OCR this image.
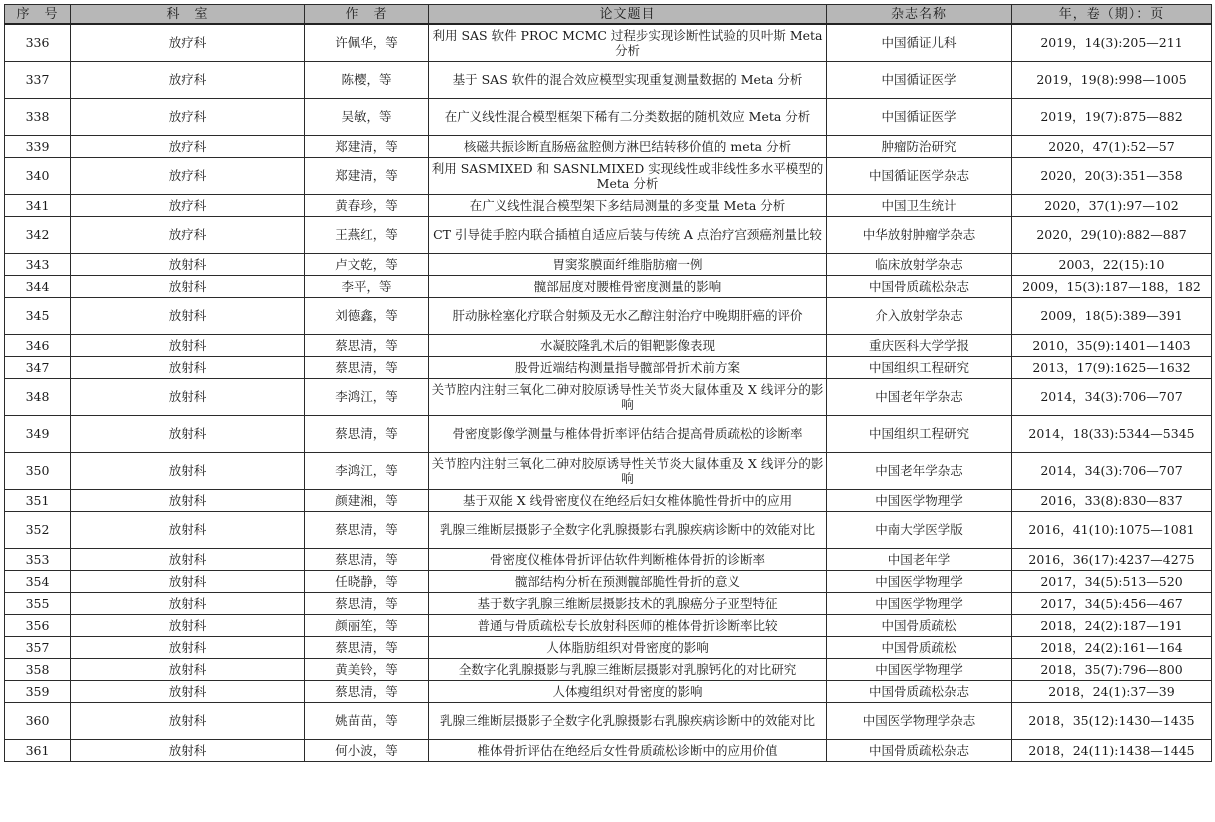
序　号	科　室	作　者	论文题目	杂志名称	年，卷（期）：页
336	放疗科	许佩华，等	利用 SAS 软件 PROC MCMC 过程步实现诊断性试验的贝叶斯 Meta 分析	中国循证儿科	2019，14(3):205—211
337	放疗科	陈樱，等	基于 SAS 软件的混合效应模型实现重复测量数据的 Meta 分析	中国循证医学	2019，19(8):998—1005
338	放疗科	吴敏，等	在广义线性混合模型框架下稀有二分类数据的随机效应 Meta 分析	中国循证医学	2019，19(7):875—882
339	放疗科	郑建清，等	核磁共振诊断直肠癌盆腔侧方淋巴结转移价值的 meta 分析	肿瘤防治研究	2020，47(1):52—57
340	放疗科	郑建清，等	利用 SASMIXED 和 SASNLMIXED 实现线性或非线性多水平模型的 Meta 分析	中国循证医学杂志	2020，20(3):351—358
341	放疗科	黄春珍，等	在广义线性混合模型架下多结局测量的多变量 Meta 分析	中国卫生统计	2020，37(1):97—102
342	放疗科	王燕红，等	CT 引导徒手腔内联合插植自适应后装与传统 A 点治疗宫颈癌剂量比较	中华放射肿瘤学杂志	2020，29(10):882—887
343	放射科	卢文乾，等	胃窦浆膜面纤维脂肪瘤一例	临床放射学杂志	2003，22(15):10
344	放射科	李平，等	髋部屈度对腰椎骨密度测量的影响	中国骨质疏松杂志	2009，15(3):187—188，182
345	放射科	刘德鑫，等	肝动脉栓塞化疗联合射频及无水乙醇注射治疗中晚期肝癌的评价	介入放射学杂志	2009，18(5):389—391
346	放射科	蔡思清，等	水凝胶隆乳术后的钼靶影像表现	重庆医科大学学报	2010，35(9):1401—1403
347	放射科	蔡思清，等	股骨近端结构测量指导髋部骨折术前方案	中国组织工程研究	2013，17(9):1625—1632
348	放射科	李鸿江，等	关节腔内注射三氧化二砷对胶原诱导性关节炎大鼠体重及 X 线评分的影响	中国老年学杂志	2014，34(3):706—707
349	放射科	蔡思清，等	骨密度影像学测量与椎体骨折率评估结合提高骨质疏松的诊断率	中国组织工程研究	2014，18(33):5344—5345
350	放射科	李鸿江，等	关节腔内注射三氧化二砷对胶原诱导性关节炎大鼠体重及 X 线评分的影响	中国老年学杂志	2014，34(3):706—707
351	放射科	颜建湘，等	基于双能 X 线骨密度仪在绝经后妇女椎体脆性骨折中的应用	中国医学物理学	2016，33(8):830—837
352	放射科	蔡思清，等	乳腺三维断层摄影子全数字化乳腺摄影右乳腺疾病诊断中的效能对比	中南大学医学版	2016，41(10):1075—1081
353	放射科	蔡思清，等	骨密度仪椎体骨折评估软件判断椎体骨折的诊断率	中国老年学	2016，36(17):4237—4275
354	放射科	任晓静，等	髋部结构分析在预测髋部脆性骨折的意义	中国医学物理学	2017，34(5):513—520
355	放射科	蔡思清，等	基于数字乳腺三维断层摄影技术的乳腺癌分子亚型特征	中国医学物理学	2017，34(5):456—467
356	放射科	颜丽笙，等	普通与骨质疏松专长放射科医师的椎体骨折诊断率比较	中国骨质疏松	2018，24(2):187—191
357	放射科	蔡思清，等	人体脂肪组织对骨密度的影响	中国骨质疏松	2018，24(2):161—164
358	放射科	黄美铃，等	全数字化乳腺摄影与乳腺三维断层摄影对乳腺钙化的对比研究	中国医学物理学	2018，35(7):796—800
359	放射科	蔡思清，等	人体瘦组织对骨密度的影响	中国骨质疏松杂志	2018，24(1):37—39
360	放射科	姚苗苗，等	乳腺三维断层摄影子全数字化乳腺摄影右乳腺疾病诊断中的效能对比	中国医学物理学杂志	2018，35(12):1430—1435
361	放射科	何小波，等	椎体骨折评估在绝经后女性骨质疏松诊断中的应用价值	中国骨质疏松杂志	2018，24(11):1438—1445
